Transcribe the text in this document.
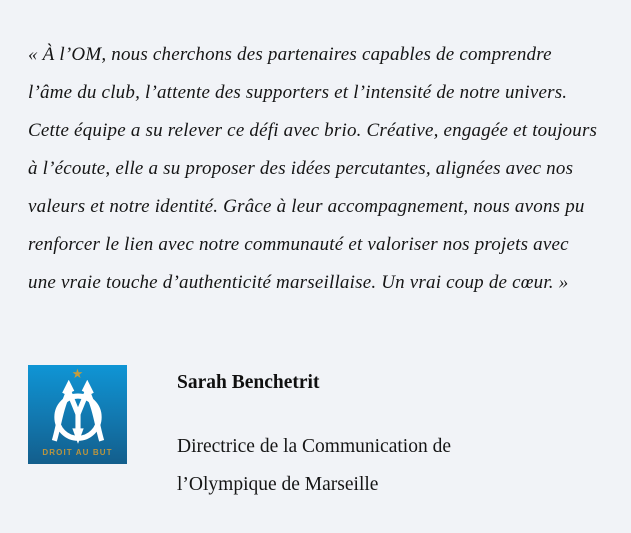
« À l’OM, nous cherchons des partenaires capables de comprendre
l’âme du club, l’attente des supporters et l’intensité de notre univers.
Cette équipe a su relever ce défi avec brio. Créative, engagée et toujours
à l’écoute, elle a su proposer des idées percutantes, alignées avec nos
valeurs et notre identité. Grâce à leur accompagnement, nous avons pu
renforcer le lien avec notre communauté et valoriser nos projets avec
une vraie touche d’authenticité marseillaise. Un vrai coup de cœur. »
★
DROIT AU BUT
Sarah Benchetrit
Directrice de la Communication de
l’Olympique de Marseille
